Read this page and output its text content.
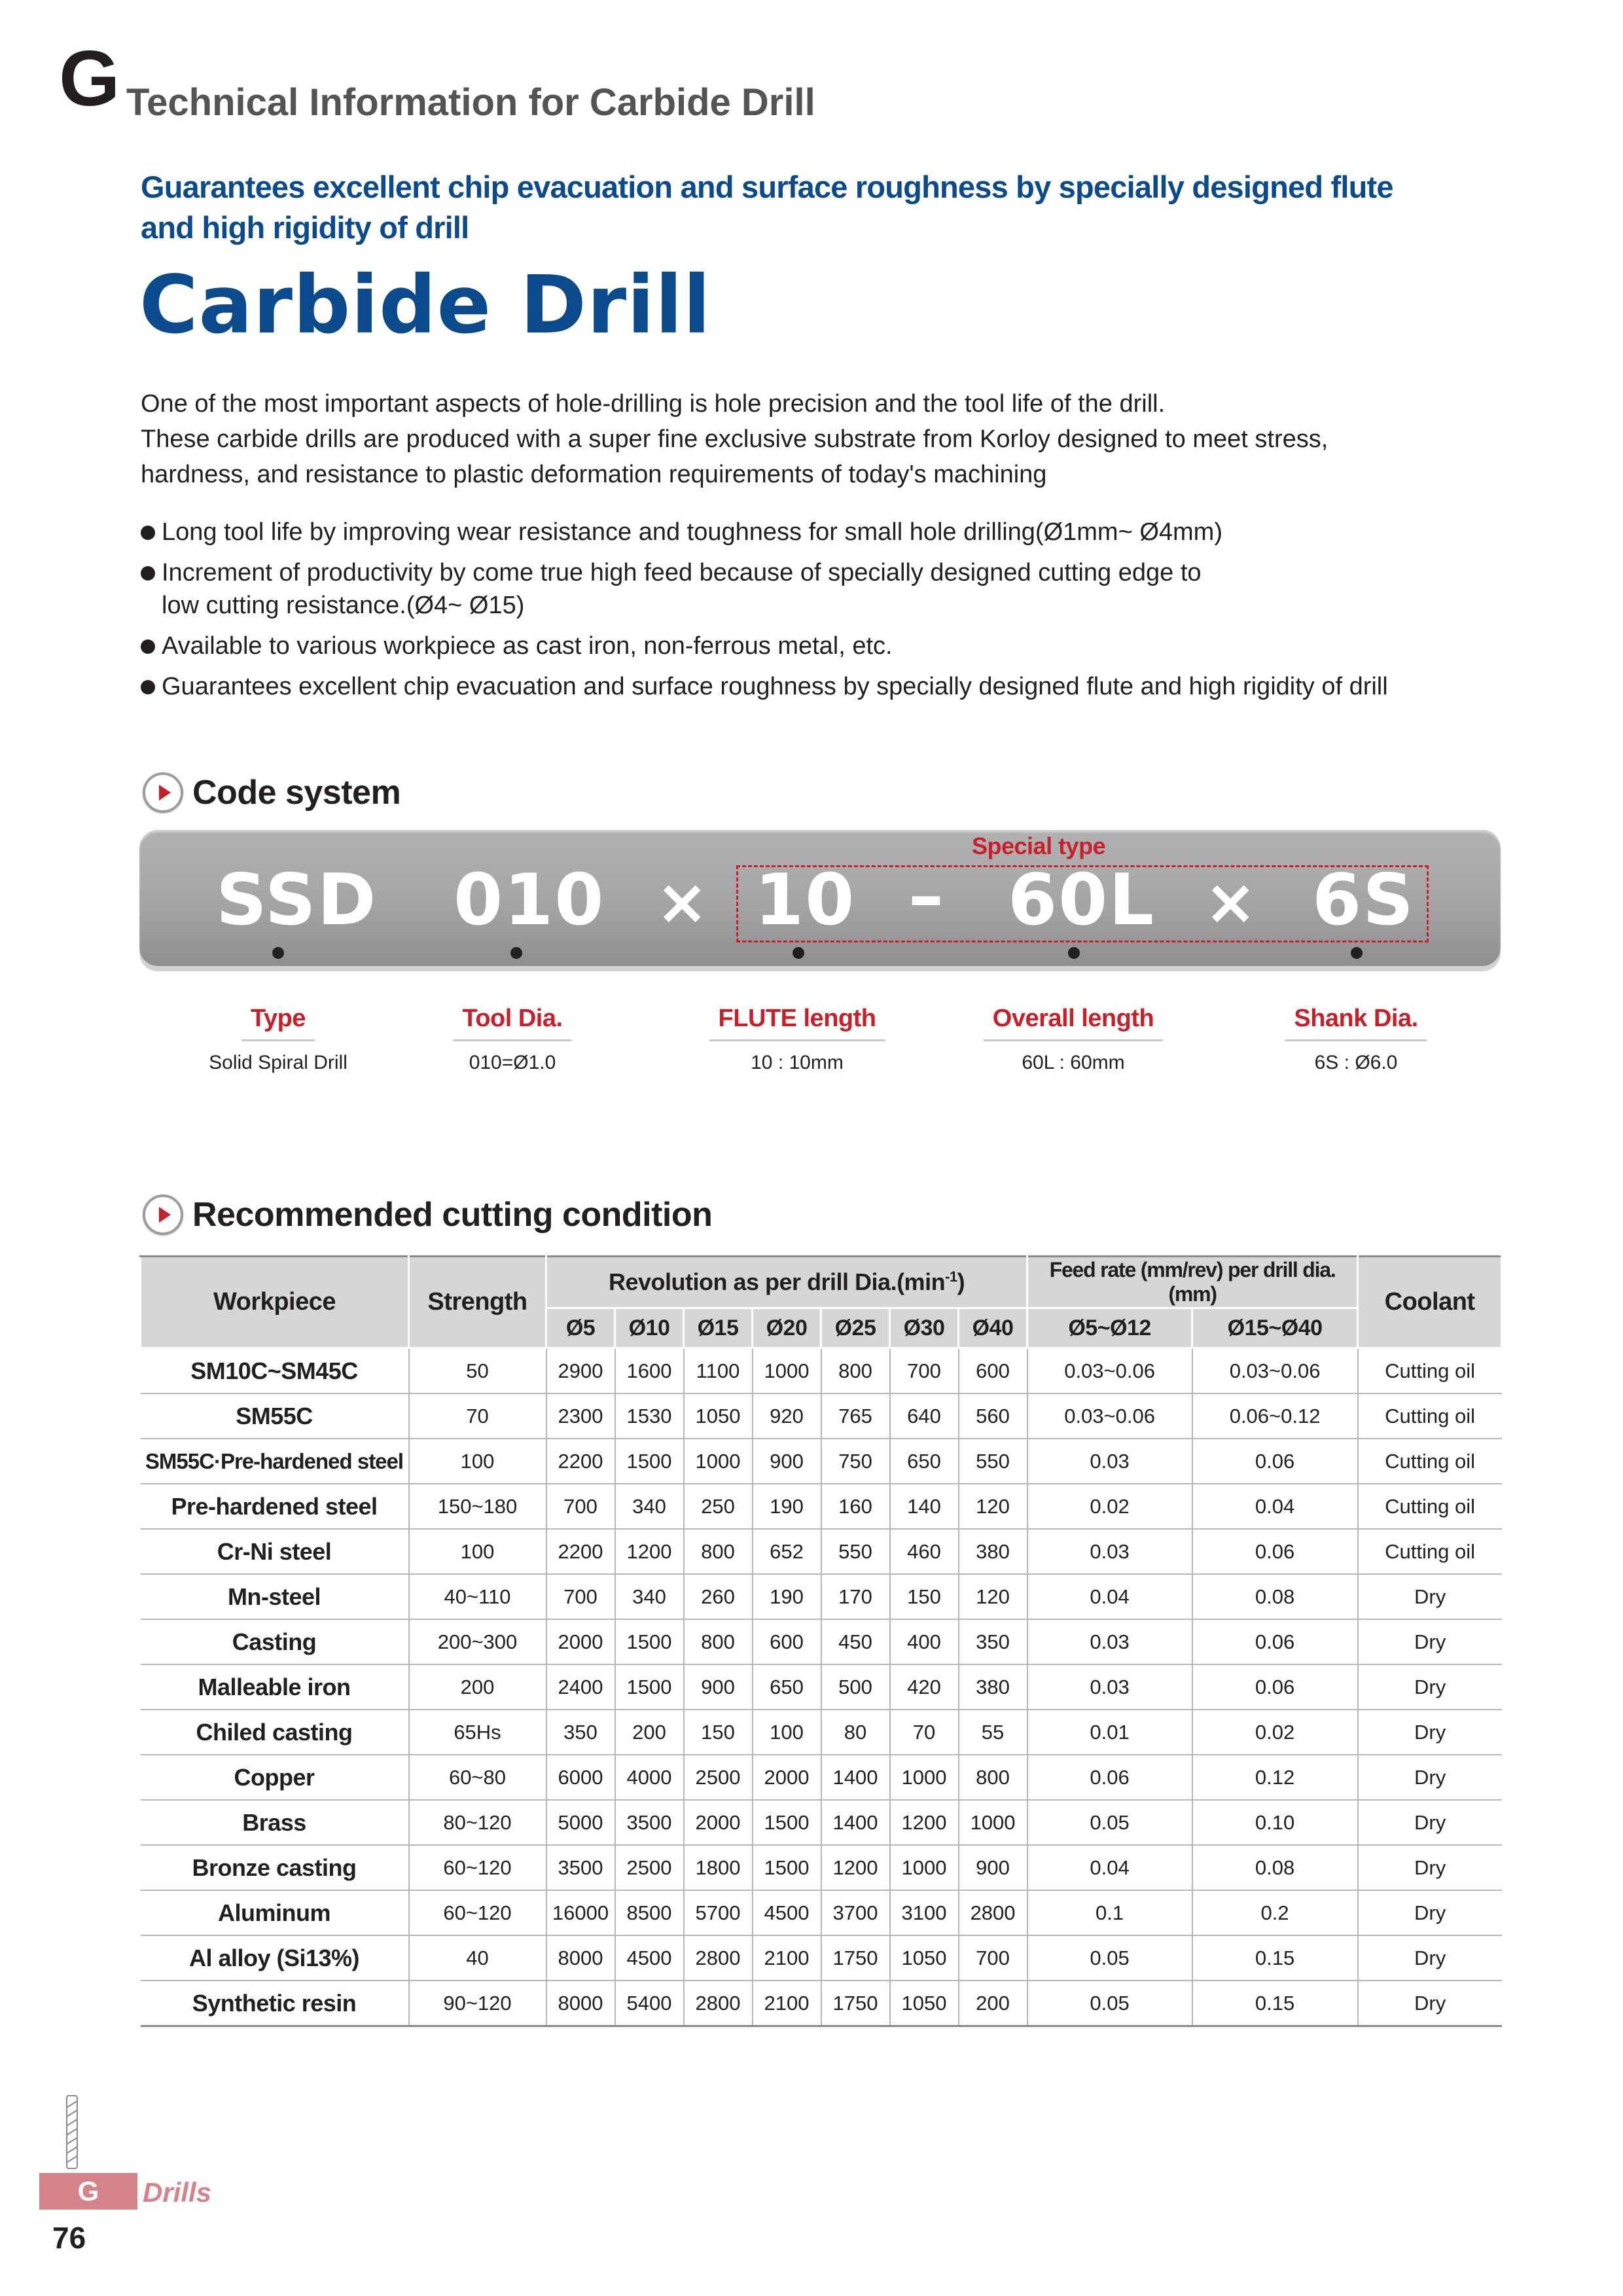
G Technical Information for Carbide Drill
Guarantees excellent chip evacuation and surface roughness by specially designed flute
and high rigidity of drill
Carbide Drill
One of the most important aspects of hole-drilling is hole precision and the tool life of the drill.
These carbide drills are produced with a super fine exclusive substrate from Korloy designed to meet stress,
hardness, and resistance to plastic deformation requirements of today's machining
Long tool life by improving wear resistance and toughness for small hole drilling(Ø1mm~ Ø4mm)
Increment of productivity by come true high feed because of specially designed cutting edge to
low cutting resistance.(Ø4~ Ø15)
Available to various workpiece as cast iron, non-ferrous metal, etc.
Guarantees excellent chip evacuation and surface roughness by specially designed flute and high rigidity of drill
Code system
Special type
SSD 010 × 10 – 60L × 6S
Type
Solid Spiral Drill
Tool Dia.
010=Ø1.0
FLUTE length
10 : 10mm
Overall length
60L : 60mm
Shank Dia.
6S : Ø6.0
Recommended cutting condition
Workpiece	Strength	Revolution as per drill $Dia.(\min^{-1})$							Feed rate (mm/rev) per drill dia.(mm)		Coolant
		Ø5	Ø10	Ø15	Ø20	Ø25	Ø30	Ø40	Ø5~Ø12	Ø15~Ø40	
SM10C~SM45C	50	2900	1600	1100	1000	800	700	600	0.03~0.06	0.03~0.06	Cutting oil
SM55C	70	2300	1530	1050	920	765	640	560	0.03~0.06	0.06~0.12	Cutting oil
SM55C·Pre-hardened steel	100	2200	1500	1000	900	750	650	550	0.03	0.06	Cutting oil
Pre-hardened steel	150~180	700	340	250	190	160	140	120	0.02	0.04	Cutting oil
Cr-Ni steel	100	2200	1200	800	652	550	460	380	0.03	0.06	Cutting oil
Mn-steel	40~110	700	340	260	190	170	150	120	0.04	0.08	Dry
Casting	200~300	2000	1500	800	600	450	400	350	0.03	0.06	Dry
Malleable iron	200	2400	1500	900	650	500	420	380	0.03	0.06	Dry
Chiled casting	65Hs	350	200	150	100	80	70	55	0.01	0.02	Dry
Copper	60~80	6000	4000	2500	2000	1400	1000	800	0.06	0.12	Dry
Brass	80~120	5000	3500	2000	1500	1400	1200	1000	0.05	0.10	Dry
Bronze casting	60~120	3500	2500	1800	1500	1200	1000	900	0.04	0.08	Dry
Aluminum	60~120	16000	8500	5700	4500	3700	3100	2800	0.1	0.2	Dry
Al alloy (Si13%)	40	8000	4500	2800	2100	1750	1050	700	0.05	0.15	Dry
Synthetic resin	90~120	8000	5400	2800	2100	1750	1050	200	0.05	0.15	Dry
G	Drills
76
